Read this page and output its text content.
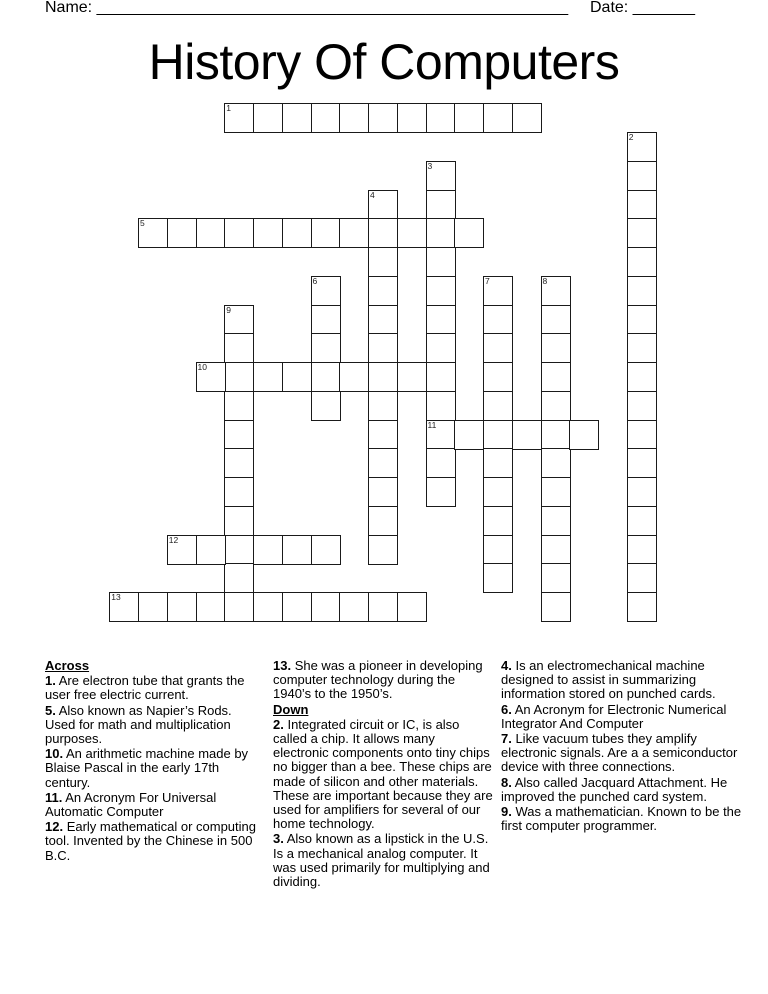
Name: _____________________________________________________ Date: _______
History Of Computers
1
2
3
11
4
5
6	7	8
9
10
12
13
Across
1. Are electron tube that grants the user free electric current.
5. Also known as Napier’s Rods. Used for math and multiplication purposes.
10. An arithmetic machine made by Blaise Pascal in the early 17th century.
11. An Acronym For Universal Automatic Computer
12. Early mathematical or computing tool. Invented by the Chinese in 500 B.C.
13. She was a pioneer in developing computer technology during the 1940’s to the 1950’s.
Down
2. Integrated circuit or IC, is also called a chip. It allows many electronic components onto tiny chips no bigger than a bee. These chips are made of silicon and other materials. These are important because they are used for amplifiers for several of our home technology.
3. Also known as a lipstick in the U.S. Is a mechanical analog computer. It was used primarily for multiplying and dividing.
4. Is an electromechanical machine designed to assist in summarizing information stored on punched cards.
6. An Acronym for Electronic Numerical Integrator And Computer
7. Like vacuum tubes they amplify electronic signals. Are a a semiconductor device with three connections.
8. Also called Jacquard Attachment. He improved the punched card system.
9. Was a mathematician. Known to be the first computer programmer.
